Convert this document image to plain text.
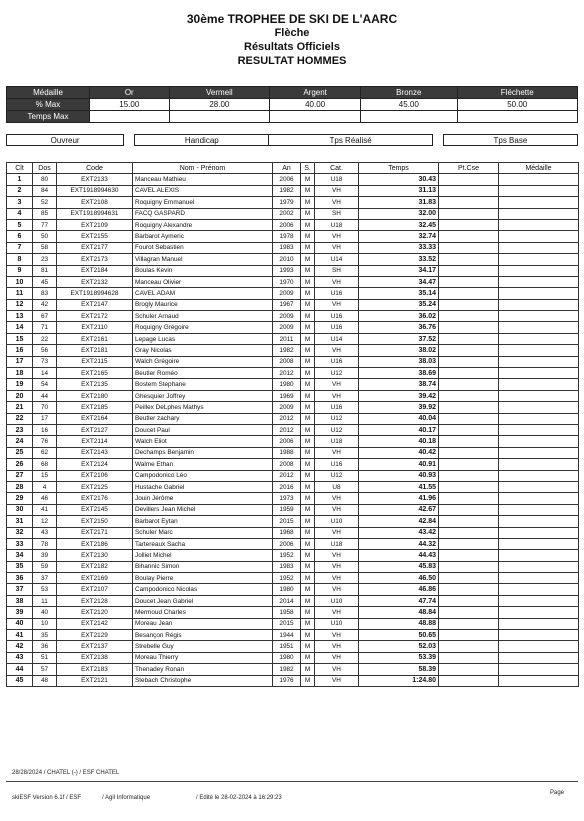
30ème TROPHEE DE SKI DE L'AARC
Flèche
Résultats Officiels
RESULTAT HOMMES
Médaille	Or	Vermeil	Argent	Bronze	Fléchette
% Max	15.00	28.00	40.00	45.00	50.00
Temps Max					
Ouvreur		Handicap	Tps Réalisé		Tps Base
Clt	Dos	Code	Nom - Prénom	An	S.	Cat.	Temps	Pt.Cse	Médaille
1	80	EXT2133	Manceau Mathieu	2006	M	U18	30.43		
2	84	EXT1918994630	CAVEL ALEXIS	1982	M	VH	31.13		
3	52	EXT2108	Roquigny Emmanuel	1979	M	VH	31.83		
4	85	EXT1918994631	FACQ GASPARD	2002	M	SH	32.00		
5	77	EXT2109	Roquigny Alexandre	2006	M	U18	32.45		
6	50	EXT2155	Barbarot Aymeric	1978	M	VH	32.74		
7	58	EXT2177	Fourot Sebastien	1983	M	VH	33.33		
8	23	EXT2173	Villagran Manuel	2010	M	U14	33.52		
9	81	EXT2184	Boulas Kevin	1993	M	SH	34.17		
10	45	EXT2132	Manceau Olivier	1970	M	VH	34.47		
11	83	EXT1918994628	CAVEL ADAM	2009	M	U16	35.14		
12	42	EXT2147	Brogly Maurice	1967	M	VH	35.24		
13	67	EXT2172	Schuler Arnaud	2009	M	U16	36.02		
14	71	EXT2110	Roquigny Grégoire	2009	M	U16	36.76		
15	22	EXT2161	Lepage Lucas	2011	M	U14	37.52		
16	56	EXT2181	Gray Nicolas	1982	M	VH	38.02		
17	73	EXT2115	Walch Grégoire	2008	M	U16	38.03		
18	14	EXT2165	Beutler Roméo	2012	M	U12	38.69		
19	54	EXT2135	Bostem Stephane	1980	M	VH	38.74		
20	44	EXT2180	Ghesquier Joffrey	1969	M	VH	39.42		
21	70	EXT2185	Peillex DeLphes Mathys	2009	M	U16	39.92		
22	17	EXT2164	Beutler zachary	2012	M	U12	40.04		
23	16	EXT2127	Doucet Paul	2012	M	U12	40.17		
24	76	EXT2114	Walch Eliot	2006	M	U18	40.18		
25	62	EXT2143	Dechamps Benjamin	1988	M	VH	40.42		
26	68	EXT2124	Walme Ethan	2008	M	U16	40.91		
27	15	EXT2106	Campodonico Léo	2012	M	U12	40.93		
28	4	EXT2125	Hustache Gabriel	2016	M	U8	41.55		
29	46	EXT2176	Jouin Jérôme	1973	M	VH	41.96		
30	41	EXT2145	Devillers Jean Michel	1959	M	VH	42.67		
31	12	EXT2150	Barbarot Eytan	2015	M	U10	42.84		
32	43	EXT2171	Schuler Marc	1968	M	VH	43.42		
33	78	EXT2186	Tartereaux Sacha	2006	M	U18	44.32		
34	39	EXT2130	Jolliet Michel	1952	M	VH	44.43		
35	59	EXT2182	Bihannic Simon	1983	M	VH	45.83		
36	37	EXT2169	Boulay Pierre	1952	M	VH	46.50		
37	53	EXT2107	Campodonico Nicolas	1980	M	VH	46.86		
38	11	EXT2128	Doucet Jean Gabriel	2014	M	U10	47.74		
39	40	EXT2120	Mermoud Charles	1958	M	VH	48.84		
40	10	EXT2142	Moreau Jean	2015	M	U10	48.88		
41	35	EXT2129	Besançon Régis	1944	M	VH	50.65		
42	36	EXT2137	Strebelle Guy	1951	M	VH	52.03		
43	51	EXT2138	Moreau Thierry	1980	M	VH	53.39		
44	57	EXT2183	Thenadey Ronan	1982	M	VH	58.39		
45	48	EXT2121	Stebach Christophe	1976	M	VH	1:24.80		
28/28/2024 / CHATEL (-) / ESF CHATEL
skiESF Version 6.1f / ESF	/ Agil Informatique	/ Edité le 28-02-2024 à 16:29:23
Page
